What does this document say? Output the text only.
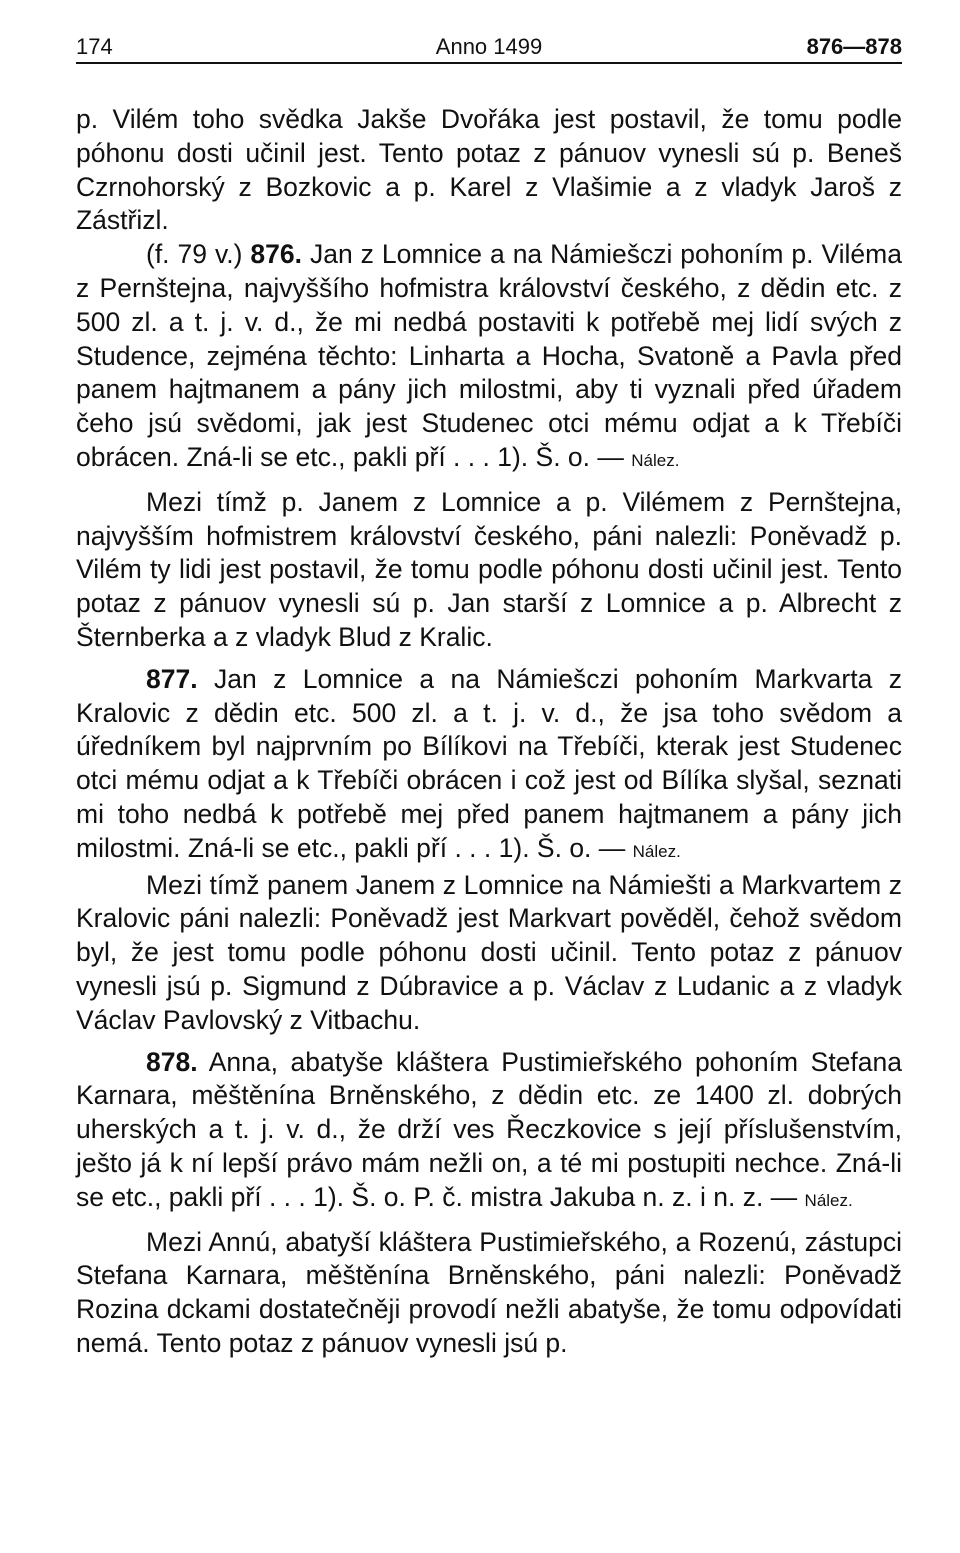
174	Anno 1499	876—878

p. Vilém toho svědka Jakše Dvořáka jest postavil, že tomu podle póhonu dosti učinil jest. Tento potaz z pánuov vynesli sú p. Beneš Czrnohorský z Bozkovic a p. Karel z Vlašimie a z vladyk Jaroš z Zástřizl.

(f. 79 v.) 876. Jan z Lomnice a na Námiešczi pohoním p. Viléma z Pernštejna, najvyššího hofmistra království českého, z dědin etc. z 500 zl. a t. j. v. d., že mi nedbá postaviti k potřebě mej lidí svých z Studence, zejména těchto: Linharta a Hocha, Svatoně a Pavla před panem hajtmanem a pány jich milostmi, aby ti vyznali před úřadem čeho jsú svědomi, jak jest Studenec otci mému odjat a k Třebíči obrácen. Zná-li se etc., pakli pří . . . 1). Š. o. — Nález.

Mezi tímž p. Janem z Lomnice a p. Vilémem z Pernštejna, najvyšším hofmistrem království českého, páni nalezli: Poněvadž p. Vilém ty lidi jest postavil, že tomu podle póhonu dosti učinil jest. Tento potaz z pánuov vynesli sú p. Jan starší z Lomnice a p. Albrecht z Šternberka a z vladyk Blud z Kralic.

877. Jan z Lomnice a na Námiešczi pohoním Markvarta z Kralovic z dědin etc. 500 zl. a t. j. v. d., že jsa toho svědom a úředníkem byl najprvním po Bílíkovi na Třebíči, kterak jest Studenec otci mému odjat a k Třebíči obrácen i což jest od Bílíka slyšal, seznati mi toho nedbá k potřebě mej před panem hajtmanem a pány jich milostmi. Zná-li se etc., pakli pří . . . 1). Š. o. — Nález.

Mezi tímž panem Janem z Lomnice na Námiešti a Markvartem z Kralovic páni nalezli: Poněvadž jest Markvart pověděl, čehož svědom byl, že jest tomu podle póhonu dosti učinil. Tento potaz z pánuov vynesli jsú p. Sigmund z Dúbravice a p. Václav z Ludanic a z vladyk Václav Pavlovský z Vitbachu.

878. Anna, abatyše kláštera Pustimieřského pohoním Stefana Karnara, měštěnína Brněnského, z dědin etc. ze 1400 zl. dobrých uherských a t. j. v. d., že drží ves Řeczkovice s její příslušenstvím, ješto já k ní lepší právo mám nežli on, a té mi postupiti nechce. Zná-li se etc., pakli pří . . . 1). Š. o. P. č. mistra Jakuba n. z. i n. z. — Nález.

Mezi Annú, abatyší kláštera Pustimieřského, a Rozenú, zástupci Stefana Karnara, měštěnína Brněnského, páni nalezli: Poněvadž Rozina dckami dostatečněji provodí nežli abatyše, že tomu odpovídati nemá. Tento potaz z pánuov vynesli jsú p.
